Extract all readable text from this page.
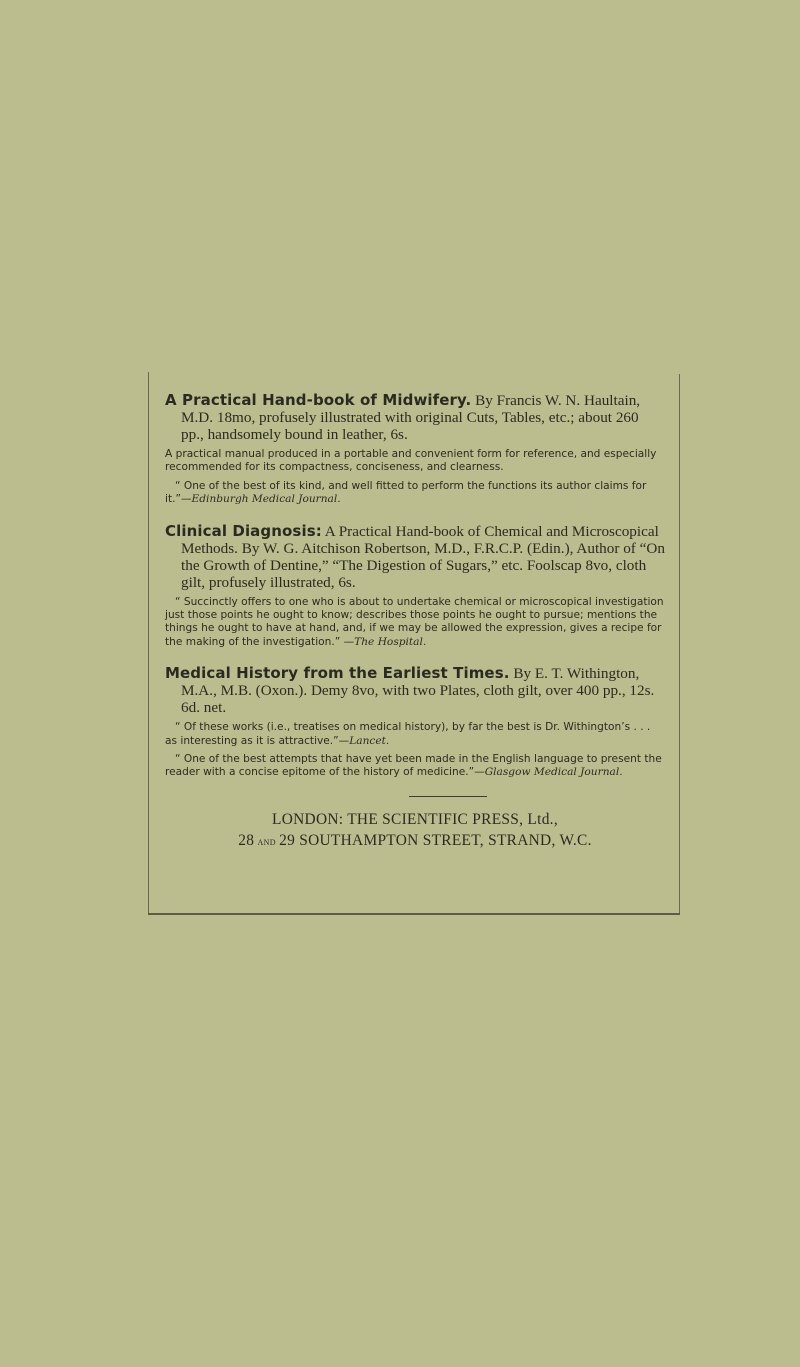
A Practical Hand-book of Midwifery. By Francis W. N. Haultain, M.D. 18mo, profusely illustrated with original Cuts, Tables, etc.; about 260 pp., handsomely bound in leather, 6s.

A practical manual produced in a portable and convenient form for reference, and especially recommended for its compactness, conciseness, and clearness.

“ One of the best of its kind, and well fitted to perform the functions its author claims for it.”—Edinburgh Medical Journal.

Clinical Diagnosis: A Practical Hand-book of Chemical and Microscopical Methods. By W. G. Aitchison Robertson, M.D., F.R.C.P. (Edin.), Author of “On the Growth of Dentine,” “The Digestion of Sugars,” etc. Foolscap 8vo, cloth gilt, profusely illustrated, 6s.

“ Succinctly offers to one who is about to undertake chemical or microscopical investigation just those points he ought to know; describes those points he ought to pursue; mentions the things he ought to have at hand, and, if we may be allowed the expression, gives a recipe for the making of the investigation.” —The Hospital.

Medical History from the Earliest Times. By E. T. Withington, M.A., M.B. (Oxon.). Demy 8vo, with two Plates, cloth gilt, over 400 pp., 12s. 6d. net.

“ Of these works (i.e., treatises on medical history), by far the best is Dr. Withington’s . . . as interesting as it is attractive.”—Lancet.

“ One of the best attempts that have yet been made in the English language to present the reader with a concise epitome of the history of medicine.”—Glasgow Medical Journal.

LONDON: THE SCIENTIFIC PRESS, Ltd.,
28 and 29 SOUTHAMPTON STREET, STRAND, W.C.
